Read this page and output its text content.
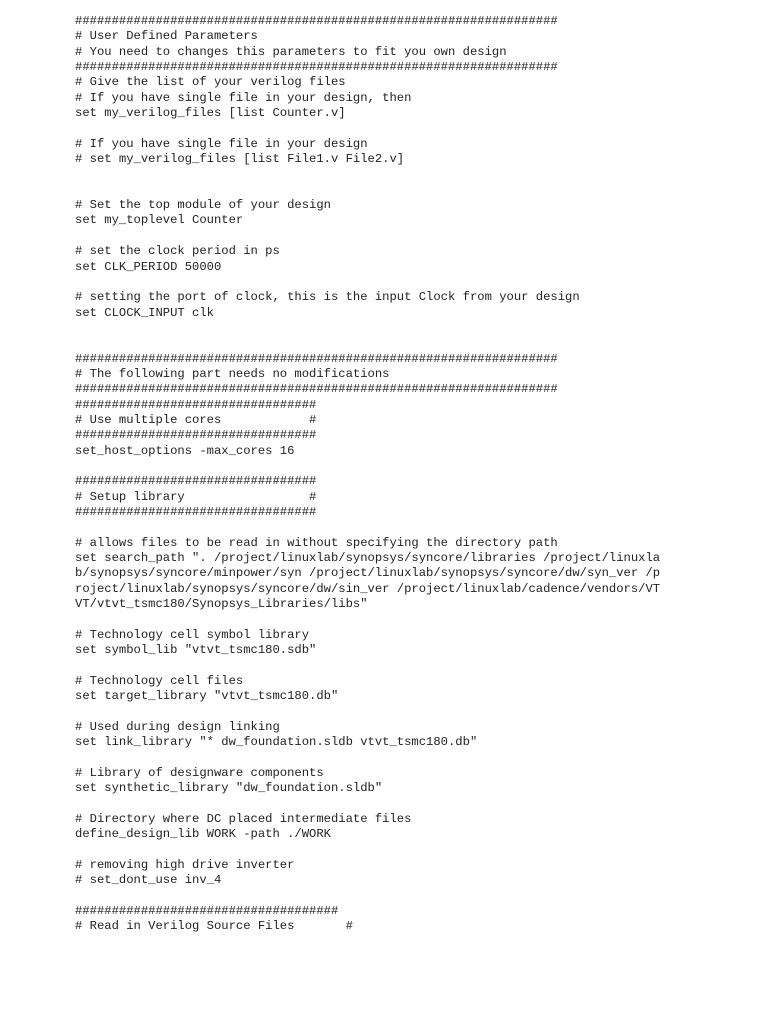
##################################################################
# User Defined Parameters
# You need to changes this parameters to fit you own design
##################################################################
# Give the list of your verilog files
# If you have single file in your design, then
set my_verilog_files [list Counter.v]
# If you have single file in your design
# set my_verilog_files [list File1.v File2.v]
# Set the top module of your design
set my_toplevel Counter
# set the clock period in ps
set CLK_PERIOD 50000
# setting the port of clock, this is the input Clock from your design
set CLOCK_INPUT clk
##################################################################
# The following part needs no modifications
##################################################################
#################################
# Use multiple cores            #
#################################
set_host_options -max_cores 16
#################################
# Setup library                 #
#################################
# allows files to be read in without specifying the directory path
set search_path ". /project/linuxlab/synopsys/syncore/libraries /project/linuxla
b/synopsys/syncore/minpower/syn /project/linuxlab/synopsys/syncore/dw/syn_ver /p
roject/linuxlab/synopsys/syncore/dw/sin_ver /project/linuxlab/cadence/vendors/VT
VT/vtvt_tsmc180/Synopsys_Libraries/libs"
# Technology cell symbol library
set symbol_lib "vtvt_tsmc180.sdb"
# Technology cell files
set target_library "vtvt_tsmc180.db"
# Used during design linking
set link_library "* dw_foundation.sldb vtvt_tsmc180.db"
# Library of designware components
set synthetic_library "dw_foundation.sldb"
# Directory where DC placed intermediate files
define_design_lib WORK -path ./WORK
# removing high drive inverter
# set_dont_use inv_4
####################################
# Read in Verilog Source Files       #
